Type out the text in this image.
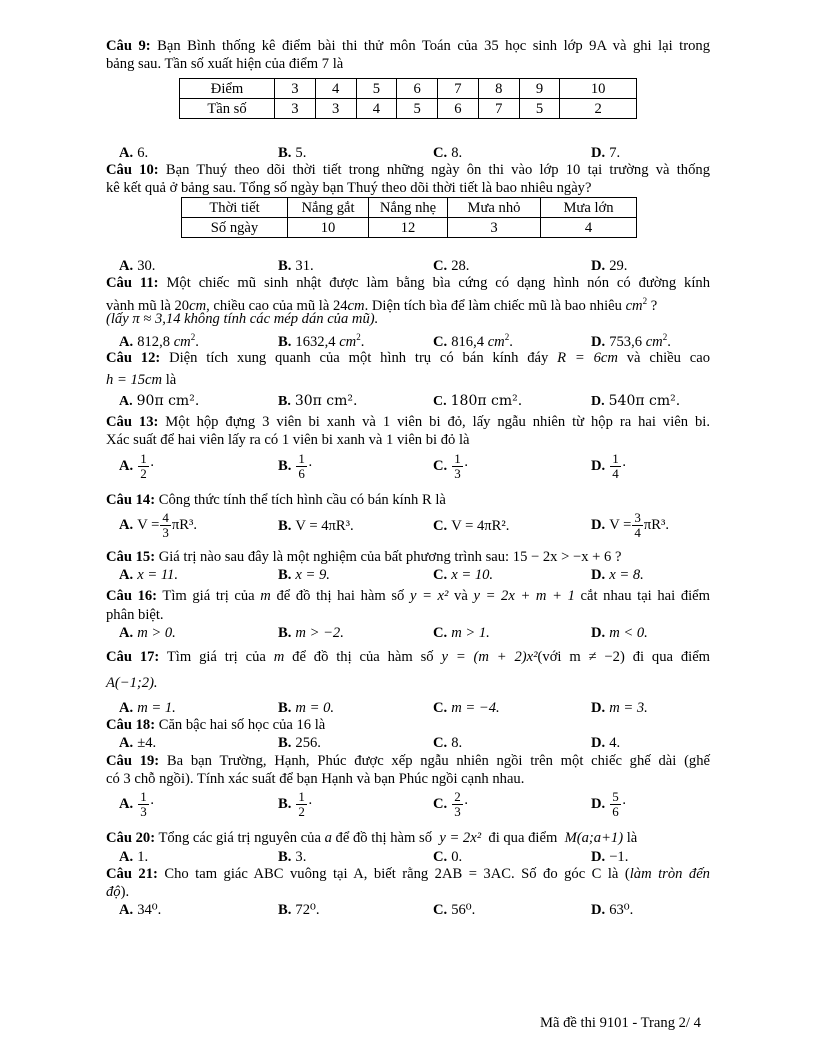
Câu 9: Bạn Bình thống kê điểm bài thi thử môn Toán của 35 học sinh lớp 9A và ghi lại trong
bảng sau. Tần số xuất hiện của điểm 7 là
Điểm	3	4	5	6	7	8	9	10
Tần số	3	3	4	5	6	7	5	2
A. 6.	B. 5.	C. 8.	D. 7.
Câu 10: Bạn Thuý theo dõi thời tiết trong những ngày ôn thi vào lớp 10 tại trường và thống
kê kết quả ở bảng sau. Tổng số ngày bạn Thuý theo dõi thời tiết là bao nhiêu ngày?
Thời tiết	Nắng gắt	Nắng nhẹ	Mưa nhỏ	Mưa lớn
Số ngày	10	12	3	4
A. 30.	B. 31.	C. 28.	D. 29.
Câu 11: Một chiếc mũ sinh nhật được làm bằng bìa cứng có dạng hình nón có đường kính
vành mũ là 20cm, chiều cao của mũ là 24cm. Diện tích bìa để làm chiếc mũ là bao nhiêu $cm^2$ ?
(lấy π ≈ 3,14 không tính các mép dán của mũ).
A. 812,8 $cm^2$.	B. 1632,4 $cm^2$.	C. 816,4 $cm^2$.	D. 753,6 $cm^2$.
Câu 12: Diện tích xung quanh của một hình trụ có bán kính đáy R = 6cm và chiều cao
h = 15cm là
A. 90π cm².	B. 30π cm².	C. 180π cm².	D. 540π cm².
Câu 13: Một hộp đựng 3 viên bi xanh và 1 viên bi đỏ, lấy ngẫu nhiên từ hộp ra hai viên bi.
Xác suất để hai viên lấy ra có 1 viên bi xanh và 1 viên bi đỏ là
A. $\frac{1}{2}$ ·	B. $\frac{1}{6}$ ·	C. $\frac{1}{3}$ ·	D. $\frac{1}{4}$ ·
Câu 14: Công thức tính thể tích hình cầu có bán kính R là
A. $V = \frac{4}{3} \pi R^3$.	B. V = 4πR³.	C. V = 4πR².	D. $V = \frac{3}{4} \pi R^3$.
Câu 15: Giá trị nào sau đây là một nghiệm của bất phương trình sau: 15 − 2x > −x + 6 ?
A. x = 11.	B. x = 9.	C. x = 10.	D. x = 8.
Câu 16: Tìm giá trị của m để đồ thị hai hàm số y = x² và y = 2x + m + 1 cắt nhau tại hai điểm
phân biệt.
A. m > 0.	B. m > −2.	C. m > 1.	D. m < 0.
Câu 17: Tìm giá trị của m để đồ thị của hàm số y = (m + 2)x²(với m ≠ −2) đi qua điểm
A(−1;2).
A. m = 1.	B. m = 0.	C. m = −4.	D. m = 3.
Câu 18: Căn bậc hai số học của 16 là
A. ±4.	B. 256.	C. 8.	D. 4.
Câu 19: Ba bạn Trường, Hạnh, Phúc được xếp ngẫu nhiên ngồi trên một chiếc ghế dài (ghế
có 3 chỗ ngồi). Tính xác suất để bạn Hạnh và bạn Phúc ngồi cạnh nhau.
A. $\frac{1}{3}$ ·	B. $\frac{1}{2}$ ·	C. $\frac{2}{3}$ ·	D. $\frac{5}{6}$ ·
Câu 20: Tổng các giá trị nguyên của a để đồ thị hàm số y = 2x² đi qua điểm M(a;a+1) là
A. 1.	B. 3.	C. 0.	D. −1.
Câu 21: Cho tam giác ABC vuông tại A, biết rằng 2AB = 3AC. Số đo góc C là (làm tròn đến
độ).
A. 34⁰.	B. 72⁰.	C. 56⁰.	D. 63⁰.
Mã đề thi 9101 - Trang 2/ 4
